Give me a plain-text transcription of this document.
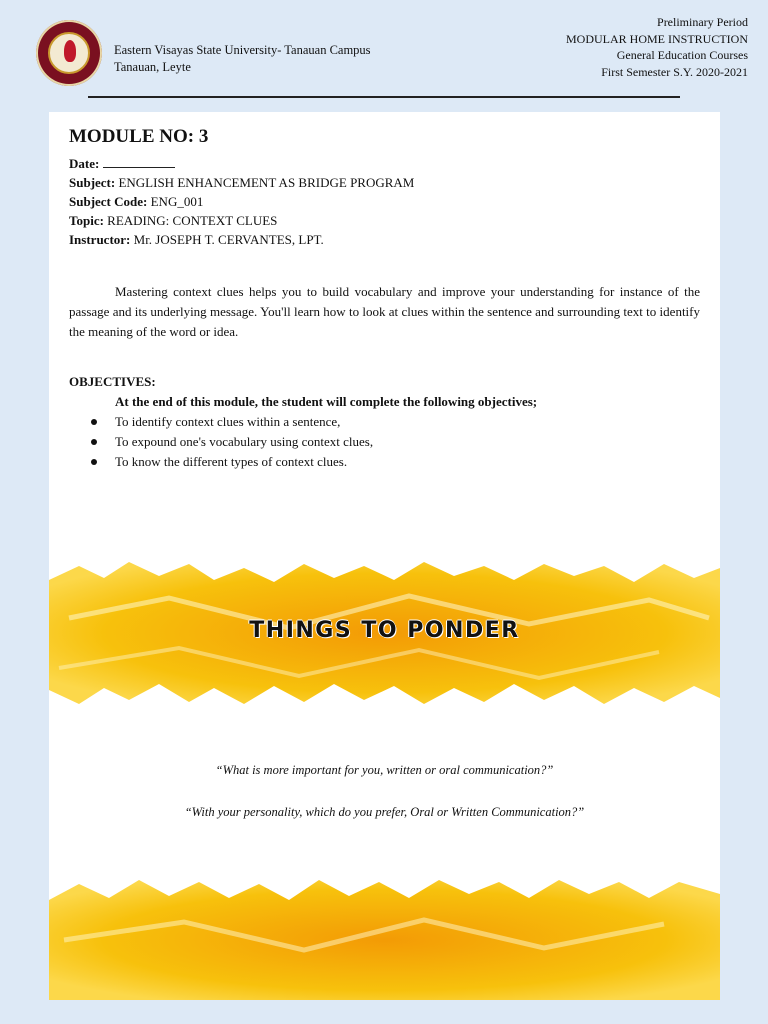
Eastern Visayas State University- Tanauan Campus
Tanauan, Leyte
Preliminary Period
MODULAR HOME INSTRUCTION
General Education Courses
First Semester S.Y. 2020-2021
MODULE NO: 3
Date:
Subject: ENGLISH ENHANCEMENT AS BRIDGE PROGRAM
Subject Code: ENG_001
Topic: READING: CONTEXT CLUES
Instructor: Mr. JOSEPH T. CERVANTES, LPT.

Mastering context clues helps you to build vocabulary and improve your understanding for instance of the passage and its underlying message. You'll learn how to look at clues within the sentence and surrounding text to identify the meaning of the word or idea.

OBJECTIVES:
At the end of this module, the student will complete the following objectives;
To identify context clues within a sentence,
To expound one's vocabulary using context clues,
To know the different types of context clues.
THINGS TO PONDER

“What is more important for you, written or oral communication?”

“With your personality, which do you prefer, Oral or Written Communication?”
